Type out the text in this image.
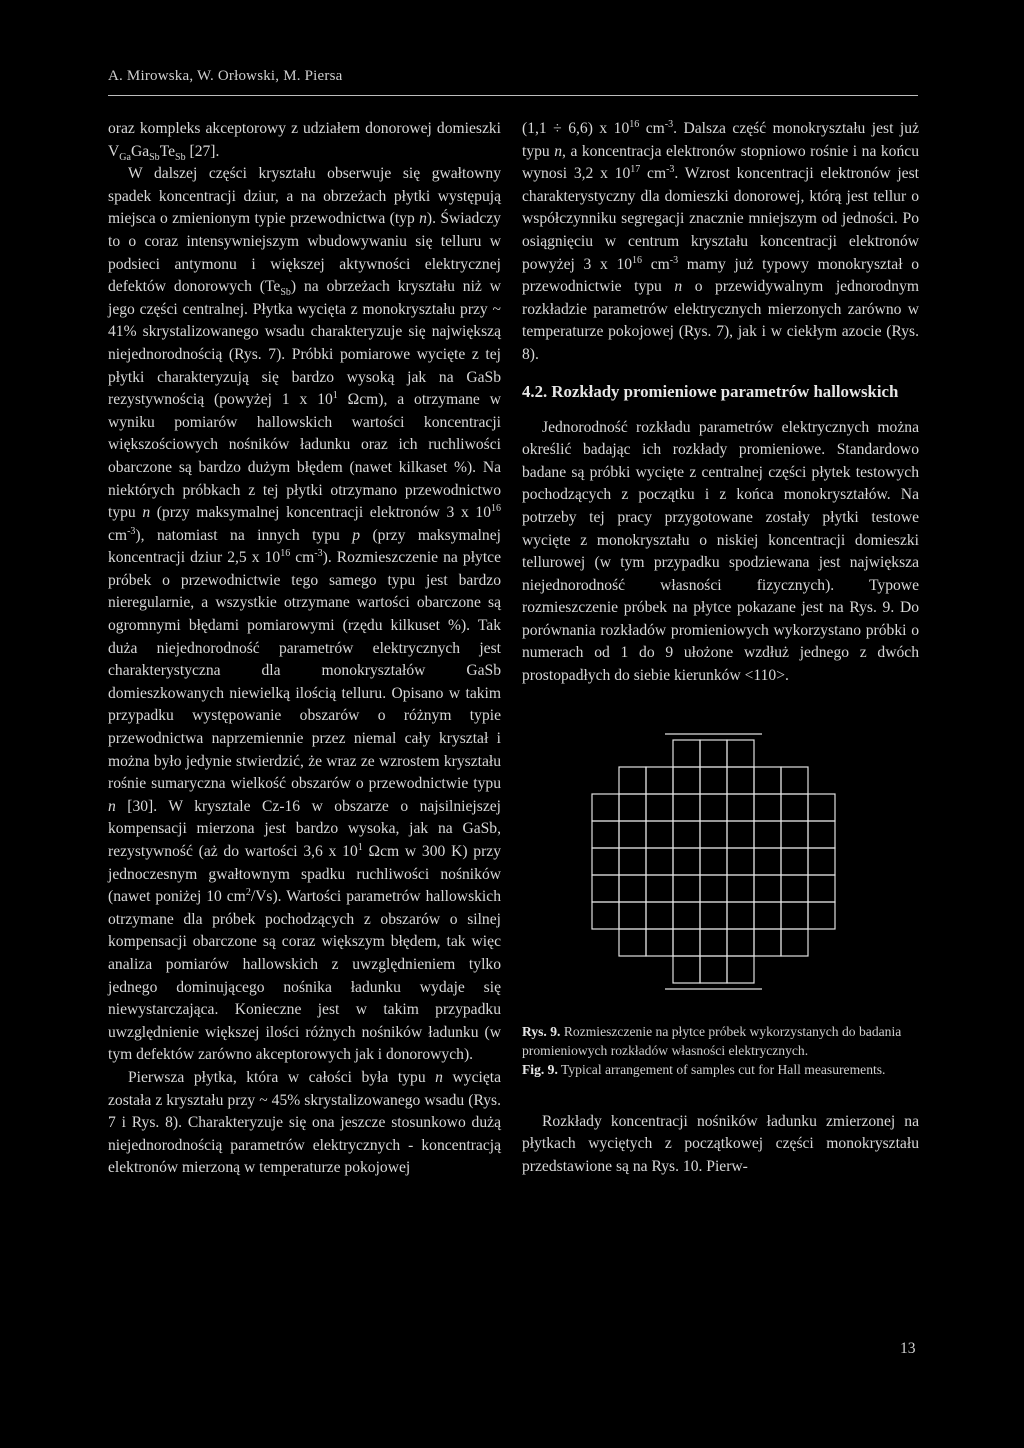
A. Mirowska, W. Orłowski, M. Piersa

oraz kompleks akceptorowy z udziałem donorowej domieszki $V_{Ga}Ga_{Sb}Te_{Sb}$ [27].

W dalszej części kryształu obserwuje się gwałtowny spadek koncentracji dziur, a na obrzeżach płytki występują miejsca o zmienionym typie przewodnictwa (typ n). Świadczy to o coraz intensywniejszym wbudowywaniu się telluru w podsieci antymonu i większej aktywności elektrycznej defektów donorowych $(Te_{Sb})$ na obrzeżach kryształu niż w jego części centralnej. Płytka wycięta z monokryształu przy ~ 41% skrystalizowanego wsadu charakteryzuje się największą niejednorodnością (Rys. 7). Próbki pomiarowe wycięte z tej płytki charakteryzują się bardzo wysoką jak na GaSb rezystywnością (powyżej 1 x $10^1$ Ωcm), a otrzymane w wyniku pomiarów hallowskich wartości koncentracji większościowych nośników ładunku oraz ich ruchliwości obarczone są bardzo dużym błędem (nawet kilkaset %). Na niektórych próbkach z tej płytki otrzymano przewodnictwo typu n (przy maksymalnej koncentracji elektronów 3 x $10^{16}$ $cm^{-3}$), natomiast na innych typu p (przy maksymalnej koncentracji dziur 2,5 x $10^{16}$ $cm^{-3}$). Rozmieszczenie na płytce próbek o przewodnictwie tego samego typu jest bardzo nieregularnie, a wszystkie otrzymane wartości obarczone są ogromnymi błędami pomiarowymi (rzędu kilkuset %). Tak duża niejednorodność parametrów elektrycznych jest charakterystyczna dla monokryształów GaSb domieszkowanych niewielką ilością telluru. Opisano w takim przypadku występowanie obszarów o różnym typie przewodnictwa naprzemiennie przez niemal cały kryształ i można było jedynie stwierdzić, że wraz ze wzrostem kryształu rośnie sumaryczna wielkość obszarów o przewodnictwie typu n [30]. W krysztale Cz-16 w obszarze o najsilniejszej kompensacji mierzona jest bardzo wysoka, jak na GaSb, rezystywność (aż do wartości 3,6 x $10^1$ Ωcm w 300 K) przy jednoczesnym gwałtownym spadku ruchliwości nośników (nawet poniżej 10 $cm^2/Vs$). Wartości parametrów hallowskich otrzymane dla próbek pochodzących z obszarów o silnej kompensacji obarczone są coraz większym błędem, tak więc analiza pomiarów hallowskich z uwzględnieniem tylko jednego dominującego nośnika ładunku wydaje się niewystarczająca. Konieczne jest w takim przypadku uwzględnienie większej ilości różnych nośników ładunku (w tym defektów zarówno akceptorowych jak i donorowych).

Pierwsza płytka, która w całości była typu n wycięta została z kryształu przy ~ 45% skrystalizowanego wsadu (Rys. 7 i Rys. 8). Charakteryzuje się ona jeszcze stosunkowo dużą niejednorodnością parametrów elektrycznych - koncentracją elektronów mierzoną w temperaturze pokojowej

(1,1 ÷ 6,6) x $10^{16}$ $cm^{-3}$. Dalsza część monokryształu jest już typu n, a koncentracja elektronów stopniowo rośnie i na końcu wynosi 3,2 x $10^{17}$ $cm^{-3}$. Wzrost koncentracji elektronów jest charakterystyczny dla domieszki donorowej, którą jest tellur o współczynniku segregacji znacznie mniejszym od jedności. Po osiągnięciu w centrum kryształu koncentracji elektronów powyżej 3 x $10^{16}$ $cm^{-3}$ mamy już typowy monokryształ o przewodnictwie typu n o przewidywalnym jednorodnym rozkładzie parametrów elektrycznych mierzonych zarówno w temperaturze pokojowej (Rys. 7), jak i w ciekłym azocie (Rys. 8).

4.2. Rozkłady promieniowe parametrów hallowskich

Jednorodność rozkładu parametrów elektrycznych można określić badając ich rozkłady promieniowe. Standardowo badane są próbki wycięte z centralnej części płytek testowych pochodzących z początku i z końca monokryształów. Na potrzeby tej pracy przygotowane zostały płytki testowe wycięte z monokryształu o niskiej koncentracji domieszki tellurowej (w tym przypadku spodziewana jest największa niejednorodność własności fizycznych). Typowe rozmieszczenie próbek na płytce pokazane jest na Rys. 9. Do porównania rozkładów promieniowych wykorzystano próbki o numerach od 1 do 9 ułożone wzdłuż jednego z dwóch prostopadłych do siebie kierunków <110>.

Rys. 9. Rozmieszczenie na płytce próbek wykorzystanych do badania promieniowych rozkładów własności elektrycznych.

Fig. 9. Typical arrangement of samples cut for Hall measurements.

Rozkłady koncentracji nośników ładunku zmierzonej na płytkach wyciętych z początkowej części monokryształu przedstawione są na Rys. 10. Pierw-

13
